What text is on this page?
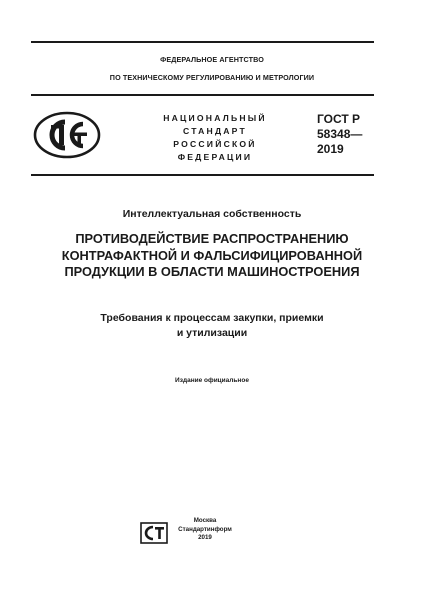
ФЕДЕРАЛЬНОЕ АГЕНТСТВО
ПО ТЕХНИЧЕСКОМУ РЕГУЛИРОВАНИЮ И МЕТРОЛОГИИ
НАЦИОНАЛЬНЫЙ
СТАНДАРТ
РОССИЙСКОЙ
ФЕДЕРАЦИИ
ГОСТ Р
58348—
2019
Интеллектуальная собственность
ПРОТИВОДЕЙСТВИЕ РАСПРОСТРАНЕНИЮ
КОНТРАФАКТНОЙ И ФАЛЬСИФИЦИРОВАННОЙ
ПРОДУКЦИИ В ОБЛАСТИ МАШИНОСТРОЕНИЯ
Требования к процессам закупки, приемки
и утилизации
Издание официальное
Москва
Стандартинформ
2019
